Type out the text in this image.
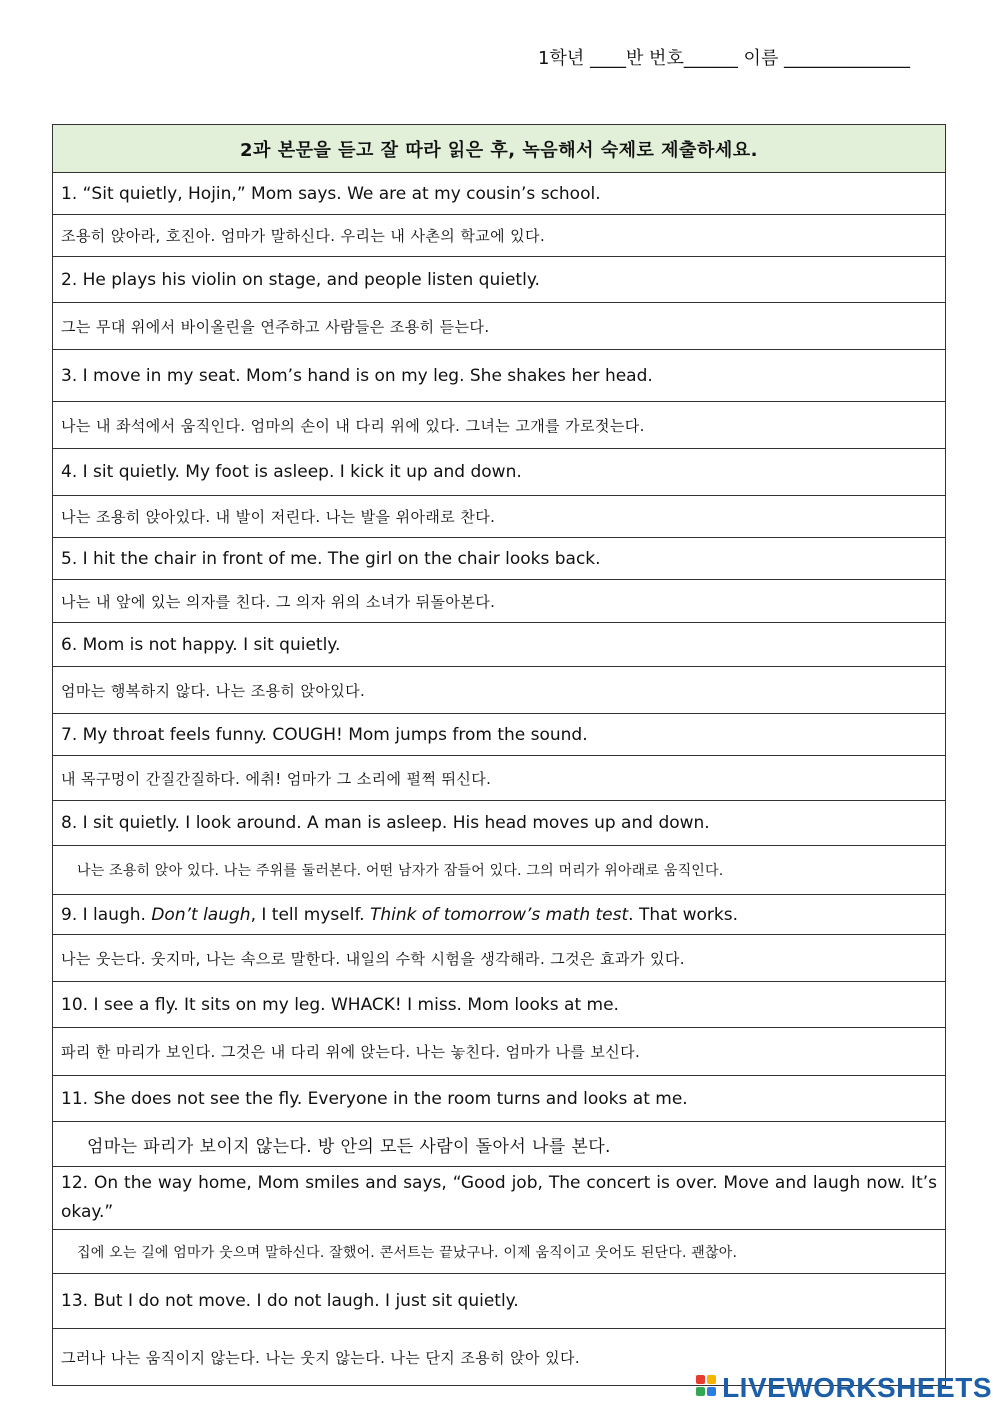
1학년 ____반 번호______ 이름 ______________
2과 본문을 듣고 잘 따라 읽은 후, 녹음해서 숙제로 제출하세요.
1. “Sit quietly, Hojin,” Mom says. We are at my cousin’s school.
조용히 앉아라, 호진아. 엄마가 말하신다. 우리는 내 사촌의 학교에 있다.
2. He plays his violin on stage, and people listen quietly.
그는 무대 위에서 바이올린을 연주하고 사람들은 조용히 듣는다.
3. I move in my seat. Mom’s hand is on my leg. She shakes her head.
나는 내 좌석에서 움직인다. 엄마의 손이 내 다리 위에 있다. 그녀는 고개를 가로젓는다.
4. I sit quietly. My foot is asleep. I kick it up and down.
나는 조용히 앉아있다. 내 발이 저린다. 나는 발을 위아래로 찬다.
5. I hit the chair in front of me. The girl on the chair looks back.
나는 내 앞에 있는 의자를 친다. 그 의자 위의 소녀가 뒤돌아본다.
6. Mom is not happy. I sit quietly.
엄마는 행복하지 않다. 나는 조용히 앉아있다.
7. My throat feels funny. COUGH! Mom jumps from the sound.
내 목구멍이 간질간질하다. 에취! 엄마가 그 소리에 펄쩍 뛰신다.
8. I sit quietly. I look around. A man is asleep. His head moves up and down.
나는 조용히 앉아 있다. 나는 주위를 둘러본다. 어떤 남자가 잠들어 있다. 그의 머리가 위아래로 움직인다.
9. I laugh. Don’t laugh, I tell myself. Think of tomorrow’s math test. That works.
나는 웃는다. 웃지마, 나는 속으로 말한다. 내일의 수학 시험을 생각해라. 그것은 효과가 있다.
10. I see a fly. It sits on my leg. WHACK! I miss. Mom looks at me.
파리 한 마리가 보인다. 그것은 내 다리 위에 앉는다. 나는 놓친다. 엄마가 나를 보신다.
11. She does not see the fly. Everyone in the room turns and looks at me.
엄마는 파리가 보이지 않는다. 방 안의 모든 사람이 돌아서 나를 본다.
12. On the way home, Mom smiles and says, “Good job, The concert is over. Move and laugh now. It’s okay.”
집에 오는 길에 엄마가 웃으며 말하신다. 잘했어. 콘서트는 끝났구나. 이제 움직이고 웃어도 된단다. 괜찮아.
13. But I do not move. I do not laugh. I just sit quietly.
그러나 나는 움직이지 않는다. 나는 웃지 않는다. 나는 단지 조용히 앉아 있다.
LIVEWORKSHEETS
